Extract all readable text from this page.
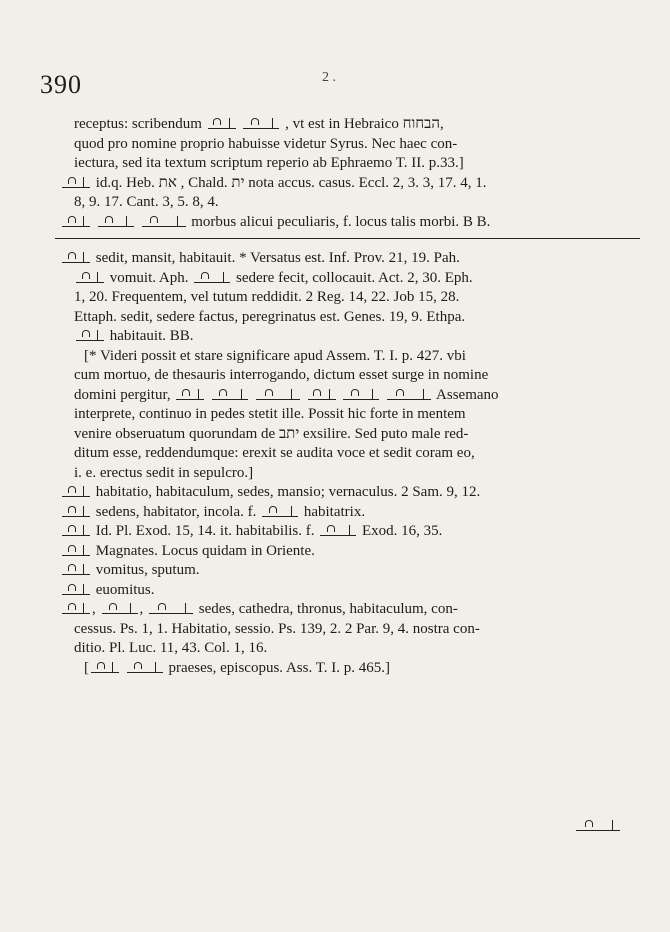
390	2 .
receptus: scribendum	, vt est in Hebraico הבחוח,
quod pro nomine proprio habuisse videtur Syrus. Nec haec con-
iectura, sed ita textum scriptum reperio ab Ephraemo T. II. p.33.]
id.q. Heb. את , Chald. ית nota accus. casus. Eccl. 2, 3. 3, 17. 4, 1.
8, 9. 17. Cant. 3, 5. 8, 4.
morbus alicui peculiaris, f. locus talis morbi. B B.
sedit, mansit, habitauit. * Versatus est. Inf. Prov. 21, 19. Pah.
vomuit. Aph.	sedere fecit, collocauit. Act. 2, 30. Eph.
1, 20. Frequentem, vel tutum reddidit. 2 Reg. 14, 22. Job 15, 28.
Ettaph. sedit, sedere factus, peregrinatus est. Genes. 19, 9. Ethpa.
habitauit. BB.
[* Videri possit et stare significare apud Assem. T. I. p. 427. vbi
cum mortuo, de thesauris interrogando, dictum esset surge in nomine
domini pergitur,	Assemano
interprete, continuo in pedes stetit ille. Possit hic forte in mentem
venire obseruatum quorundam de יתב exsilire. Sed puto male red-
ditum esse, reddendumque: erexit se audita voce et sedit coram eo,
i. e. erectus sedit in sepulcro.]
habitatio, habitaculum, sedes, mansio; vernaculus. 2 Sam. 9, 12.
sedens, habitator, incola. f.	habitatrix.
Id. Pl. Exod. 15, 14. it. habitabilis. f.	Exod. 16, 35.
Magnates. Locus quidam in Oriente.
vomitus, sputum.
euomitus.
,	,	sedes, cathedra, thronus, habitaculum, con-
cessus. Ps. 1, 1. Habitatio, sessio. Ps. 139, 2. 2 Par. 9, 4. nostra con-
ditio. Pl. Luc. 11, 43. Col. 1, 16.
[	praeses, episcopus. Ass. T. I. p. 465.]
